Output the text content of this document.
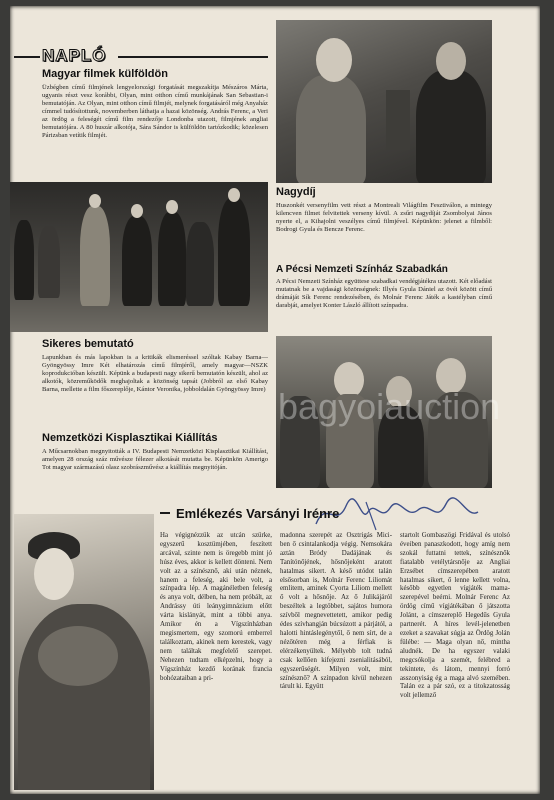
NAPLÓ
Magyar filmek külföldön
Üzbégben című filmjének lengyelországi forgatását megszakítja Mészáros Márta, ugyanis részt vesz korábbi, Olyan, mint otthon című munkájának San Sebastian-i bemutatóján. Az Olyan, mint otthon című filmjét, melynek forgatásáról még Anyaház címmel tudósítottunk, novemberben láthatja a hazai közönség. András Ferenc, a Veri az ördög a feleségét című film rendezője Londonba utazott, filmjének angliai bemutatójára. A 80 huszár alkotója, Sára Sándor is külföldön tartózkodik; közelesen Párizsban vetítik filmjét.
Nagydíj
Huszonkét versenyfilm vett részt a Montreali Világfilm Fesztiválon, a mintegy kilencven filmet felvitettek verseny kívül. A zsűri nagydíját Zsombolyai János nyerte el, a Kihajolni veszélyes című filmjével. Képünkön: jelenet a filmből: Bodrogi Gyula és Bencze Ferenc.
A Pécsi Nemzeti Színház Szabadkán
A Pécsi Nemzeti Színház együttese szabadkai vendégjátékra utazott. Két előadást mutatnak be a vajdasági közönségnek: Illyés Gyula Dániel az övéi között című drámáját Sík Ferenc rendezésében, és Molnár Ferenc Játék a kastélyban című darabját, amelyet Konter László állított színpadra.
Sikeres bemutató
Lapunkban és más lapokban is a kritikák elismeréssel szóltak Kabay Barna—Gyöngyössy Imre Két elhatározás című filmjéről, amely magyar—NSZK koprodukcióban készült. Képünk a budapesti nagy sikerű bemutatón készült, ahol az alkotók, közreműködők meghajoltak a közönség tapsát (Jobbról az első Kabay Barna, mellette a film főszereplője, Kántor Veronika, jobboldalán Gyöngyössy Imre)
Nemzetközi Kisplasztikai Kiállítás
A Műcsarnokban megnyitották a IV. Budapesti Nemzetközi Kisplasztikai Kiállítást, amelyen 28 ország száz művésze félezer alkotását mutatta be. Képünkön Amerigo Tot magyar származású olasz szobrászművész a kiállítás megnyitóján.
bagyoiauction
Emlékezés Varsányi Irénre
Ha végignézzük az utcán szürke, egyszerű kosztümjében, feszített arcával, szinte nem is öregebb mint jó húsz éves, akkor is kellett dönteni. Nem volt az a színésznő, aki után néznek, hanem a feleség, aki bele volt, a színpadra lép. A magánéletben feleség és anya volt, délben, ha nem próbált, az Andrássy úti leánygimnázium előtt várta kislányát, mint a többi anya. Amikor én a Vígszínházban megismertem, egy szomorú emberrel találkoztam, akinek nem kerestek, vagy nem találtak megfelelő szerepet. Nehezen tudtam elképzelni, hogy a Vígszínház kezdő korának francia bohózataiban a pri-
madonna szerepét az Osztrigás Mici-ben ő csintalankodja végig. Nemsokára aztán Bródy Dadájának és Tanítónőjének, hősnőjeként aratott hatalmas sikert. A késő utódot talán elsősorban is, Molnár Ferenc Liliomát emlitem, aminek Cyorta Liliom mellett ő volt a hősnője. Az ő Julikájáról beszéltek a legtöbbet, sajátos humora szívből megnevettetett, amikor pedig édes szívhangján búcsúzott a párjától, a halotti hintáslegénytől, ő nem sírt, de a nézőtéren még a férfiak is elérzékenyültek. Mélyebb tolt tudná csak kellően kifejezni zsenialitásából, egyszerűségét. Milyen volt, mint színésznő? A színpadon kívül nehezen tárult ki. Együtt
startolt Gombaszögi Fridával és utolsó éveiben panaszkodott, hogy amíg nem szokál futtatni tettek, színésznők fiatalabb vetélytársnője az Angliai Erzsébet címszerepében aratott hatalmas sikert, ő lenne kellett volna, később egyetlen vígjáték mama-szerepével beérni. Molnár Ferenc Az ördög című vígjátékában ő játszotta Jolánt, a címszereplő Hegedűs Gyula partnerét. A híres levél-jelenetben ezeket a szavakat súgja az Ördög Jolán fülébe: — Maga olyan nő, mintha aludnék. De ha egyszer valaki megcsókolja a szemét, felébred a tekintete, és látom, mennyi forró asszonyiság ég a maga alvó szemében. Talán ez a pár szó, ez a titokzatosság volt jellemző
